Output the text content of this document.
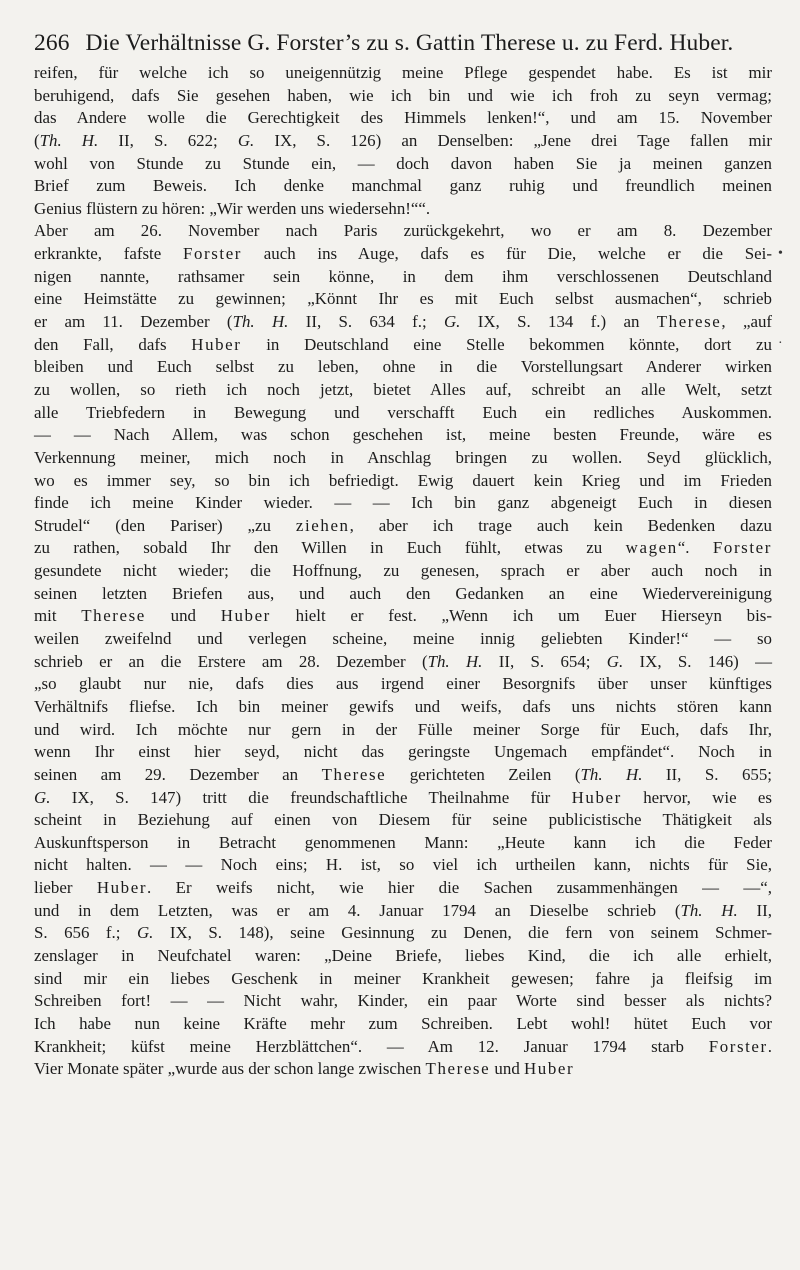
266 Die Verhältnisse G. Forster’s zu s. Gattin Therese u. zu Ferd. Huber.
•
·
reifen, für welche ich so uneigennützig meine Pflege gespendet habe. Es ist mir
beruhigend, dafs Sie gesehen haben, wie ich bin und wie ich froh zu seyn vermag;
das Andere wolle die Gerechtigkeit des Himmels lenken!“, und am 15. November
(Th. H. II, S. 622; G. IX, S. 126) an Denselben: „Jene drei Tage fallen mir
wohl von Stunde zu Stunde ein, — doch davon haben Sie ja meinen ganzen
Brief zum Beweis. Ich denke manchmal ganz ruhig und freundlich meinen
Genius flüstern zu hören: „Wir werden uns wiedersehn!““.
Aber am 26. November nach Paris zurückgekehrt, wo er am 8. Dezember
erkrankte, fafste Forster auch ins Auge, dafs es für Die, welche er die Sei-
nigen nannte, rathsamer sein könne, in dem ihm verschlossenen Deutschland
eine Heimstätte zu gewinnen; „Könnt Ihr es mit Euch selbst ausmachen“, schrieb
er am 11. Dezember (Th. H. II, S. 634 f.; G. IX, S. 134 f.) an Therese, „auf
den Fall, dafs Huber in Deutschland eine Stelle bekommen könnte, dort zu
bleiben und Euch selbst zu leben, ohne in die Vorstellungsart Anderer wirken
zu wollen, so rieth ich noch jetzt, bietet Alles auf, schreibt an alle Welt, setzt
alle Triebfedern in Bewegung und verschafft Euch ein redliches Auskommen.
— — Nach Allem, was schon geschehen ist, meine besten Freunde, wäre es
Verkennung meiner, mich noch in Anschlag bringen zu wollen. Seyd glücklich,
wo es immer sey, so bin ich befriedigt. Ewig dauert kein Krieg und im Frieden
finde ich meine Kinder wieder. — — Ich bin ganz abgeneigt Euch in diesen
Strudel“ (den Pariser) „zu ziehen, aber ich trage auch kein Bedenken dazu
zu rathen, sobald Ihr den Willen in Euch fühlt, etwas zu wagen“. Forster
gesundete nicht wieder; die Hoffnung, zu genesen, sprach er aber auch noch in
seinen letzten Briefen aus, und auch den Gedanken an eine Wiedervereinigung
mit Therese und Huber hielt er fest. „Wenn ich um Euer Hierseyn bis-
weilen zweifelnd und verlegen scheine, meine innig geliebten Kinder!“ — so
schrieb er an die Erstere am 28. Dezember (Th. H. II, S. 654; G. IX, S. 146) —
„so glaubt nur nie, dafs dies aus irgend einer Besorgnifs über unser künftiges
Verhältnifs fliefse. Ich bin meiner gewifs und weifs, dafs uns nichts stören kann
und wird. Ich möchte nur gern in der Fülle meiner Sorge für Euch, dafs Ihr,
wenn Ihr einst hier seyd, nicht das geringste Ungemach empfändet“. Noch in
seinen am 29. Dezember an Therese gerichteten Zeilen (Th. H. II, S. 655;
G. IX, S. 147) tritt die freundschaftliche Theilnahme für Huber hervor, wie es
scheint in Beziehung auf einen von Diesem für seine publicistische Thätigkeit als
Auskunftsperson in Betracht genommenen Mann: „Heute kann ich die Feder
nicht halten. — — Noch eins; H. ist, so viel ich urtheilen kann, nichts für Sie,
lieber Huber. Er weifs nicht, wie hier die Sachen zusammenhängen — —“,
und in dem Letzten, was er am 4. Januar 1794 an Dieselbe schrieb (Th. H. II,
S. 656 f.; G. IX, S. 148), seine Gesinnung zu Denen, die fern von seinem Schmer-
zenslager in Neufchatel waren: „Deine Briefe, liebes Kind, die ich alle erhielt,
sind mir ein liebes Geschenk in meiner Krankheit gewesen; fahre ja fleifsig im
Schreiben fort! — — Nicht wahr, Kinder, ein paar Worte sind besser als nichts?
Ich habe nun keine Kräfte mehr zum Schreiben. Lebt wohl! hütet Euch vor
Krankheit; küfst meine Herzblättchen“. — Am 12. Januar 1794 starb Forster.
Vier Monate später „wurde aus der schon lange zwischen Therese und Huber
